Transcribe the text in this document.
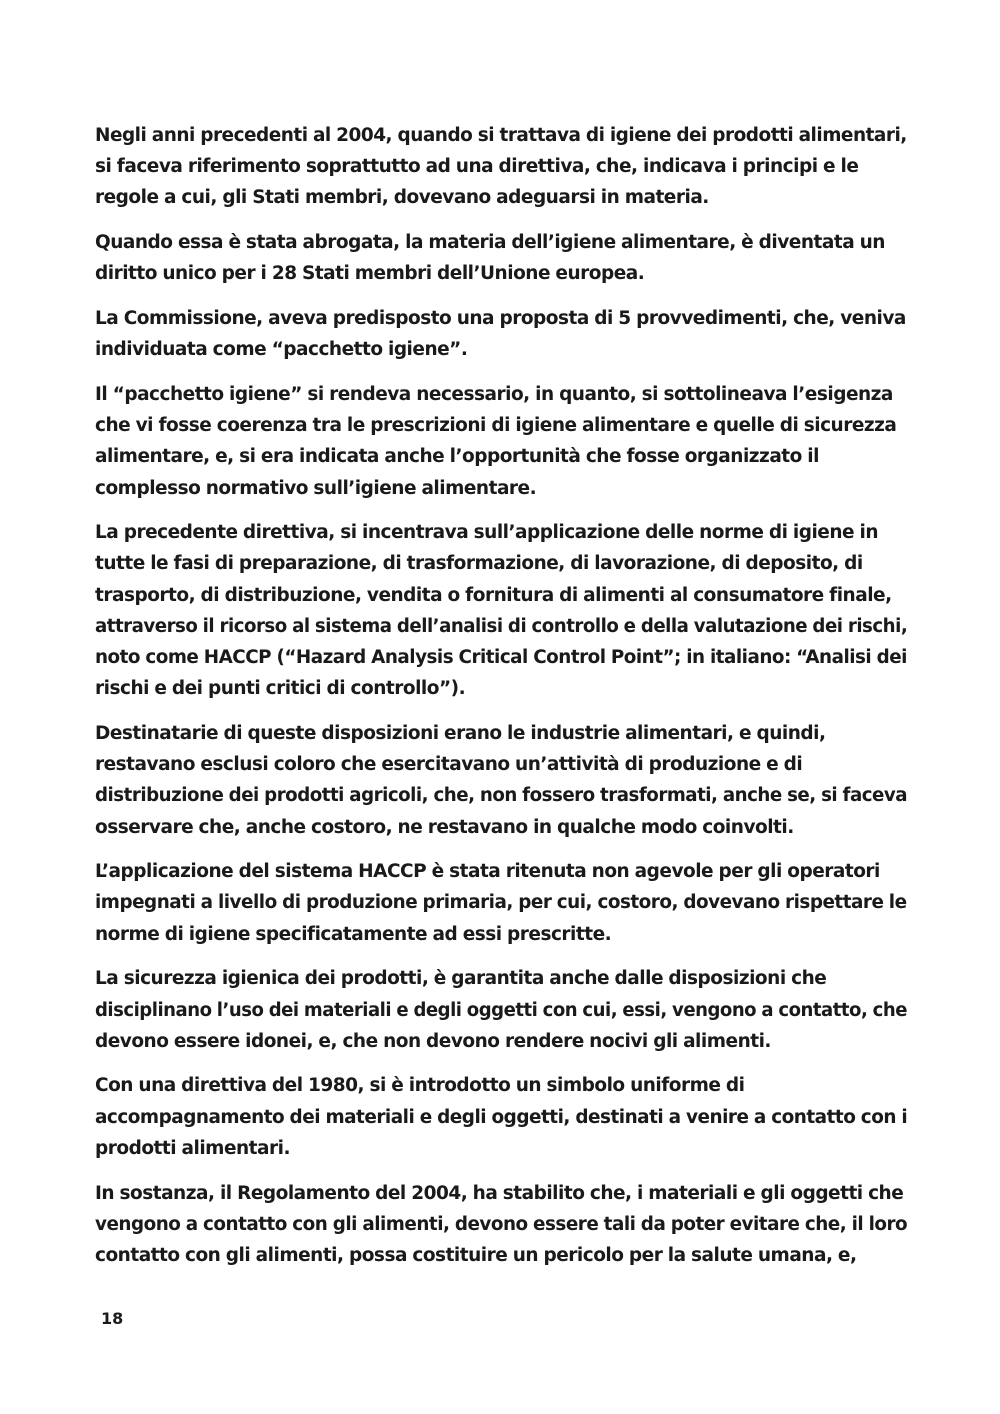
Negli anni precedenti al 2004, quando si trattava di igiene dei prodotti alimentari,
si faceva riferimento soprattutto ad una direttiva, che, indicava i principi e le
regole a cui, gli Stati membri, dovevano adeguarsi in materia.

Quando essa è stata abrogata, la materia dell’igiene alimentare, è diventata un
diritto unico per i 28 Stati membri dell’Unione europea.

La Commissione, aveva predisposto una proposta di 5 provvedimenti, che, veniva
individuata come “pacchetto igiene”.

Il “pacchetto igiene” si rendeva necessario, in quanto, si sottolineava l’esigenza
che vi fosse coerenza tra le prescrizioni di igiene alimentare e quelle di sicurezza
alimentare, e, si era indicata anche l’opportunità che fosse organizzato il
complesso normativo sull’igiene alimentare.

La precedente direttiva, si incentrava sull’applicazione delle norme di igiene in
tutte le fasi di preparazione, di trasformazione, di lavorazione, di deposito, di
trasporto, di distribuzione, vendita o fornitura di alimenti al consumatore finale,
attraverso il ricorso al sistema dell’analisi di controllo e della valutazione dei rischi,
noto come HACCP (“Hazard Analysis Critical Control Point”; in italiano: “Analisi dei
rischi e dei punti critici di controllo”).

Destinatarie di queste disposizioni erano le industrie alimentari, e quindi,
restavano esclusi coloro che esercitavano un’attività di produzione e di
distribuzione dei prodotti agricoli, che, non fossero trasformati, anche se, si faceva
osservare che, anche costoro, ne restavano in qualche modo coinvolti.

L’applicazione del sistema HACCP è stata ritenuta non agevole per gli operatori
impegnati a livello di produzione primaria, per cui, costoro, dovevano rispettare le
norme di igiene specificatamente ad essi prescritte.

La sicurezza igienica dei prodotti, è garantita anche dalle disposizioni che
disciplinano l’uso dei materiali e degli oggetti con cui, essi, vengono a contatto, che
devono essere idonei, e, che non devono rendere nocivi gli alimenti.

Con una direttiva del 1980, si è introdotto un simbolo uniforme di
accompagnamento dei materiali e degli oggetti, destinati a venire a contatto con i
prodotti alimentari.

In sostanza, il Regolamento del 2004, ha stabilito che, i materiali e gli oggetti che
vengono a contatto con gli alimenti, devono essere tali da poter evitare che, il loro
contatto con gli alimenti, possa costituire un pericolo per la salute umana, e,

18
